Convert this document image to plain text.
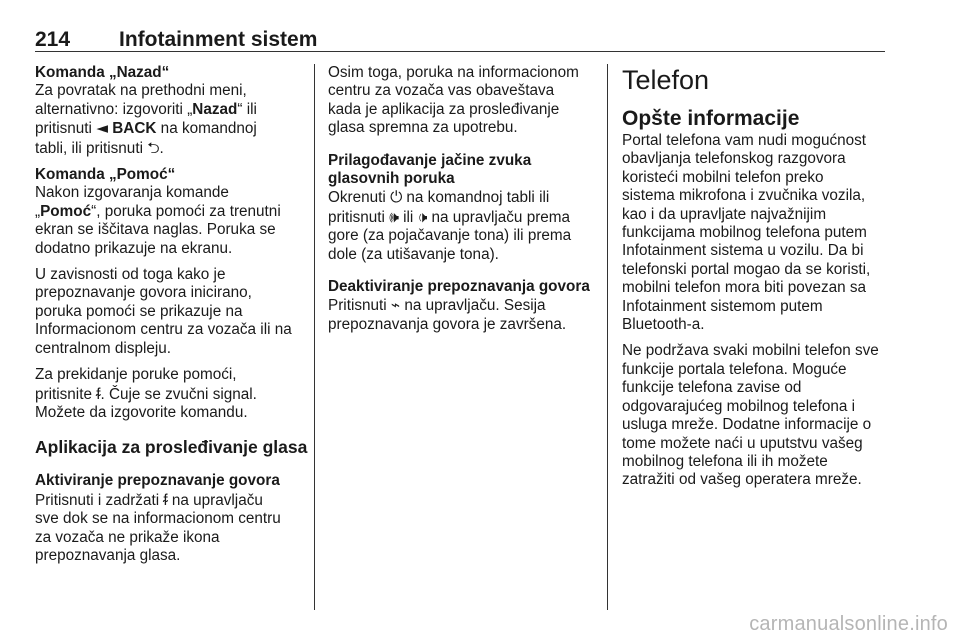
214 Infotainment sistem
Komanda „Nazad“
Za povratak na prethodni meni,
alternativno: izgovoriti „Nazad“ ili
pritisnuti ◄ BACK na komandnoj
tabli, ili pritisnuti ⮌.
Komanda „Pomoć“
Nakon izgovaranja komande
„Pomoć“, poruka pomoći za trenutni
ekran se iščitava naglas. Poruka se
dodatno prikazuje na ekranu.
U zavisnosti od toga kako je
prepoznavanje govora inicirano,
poruka pomoći se prikazuje na
Informacionom centru za vozača ili na
centralnom displeju.
Za prekidanje poruke pomoći,
pritisnite ᵮ. Čuje se zvučni signal.
Možete da izgovorite komandu.
Aplikacija za prosleđivanje glasa
Aktiviranje prepoznavanje govora
Pritisnuti i zadržati ᵮ na upravljaču
sve dok se na informacionom centru
za vozača ne prikaže ikona
prepoznavanja glasa.
Osim toga, poruka na informacionom
centru za vozača vas obaveštava
kada je aplikacija za prosleđivanje
glasa spremna za upotrebu.
Prilagođavanje jačine zvuka
glasovnih poruka
Okrenuti ⏻ na komandnoj tabli ili
pritisnuti 🕪 ili 🕩 na upravljaču prema
gore (za pojačavanje tona) ili prema
dole (za utišavanje tona).
Deaktiviranje prepoznavanja govora
Pritisnuti ⌁ na upravljaču. Sesija
prepoznavanja govora je završena.
Telefon
Opšte informacije
Portal telefona vam nudi mogućnost
obavljanja telefonskog razgovora
koristeći mobilni telefon preko
sistema mikrofona i zvučnika vozila,
kao i da upravljate najvažnijim
funkcijama mobilnog telefona putem
Infotainment sistema u vozilu. Da bi
telefonski portal mogao da se koristi,
mobilni telefon mora biti povezan sa
Infotainment sistemom putem
Bluetooth-a.
Ne podržava svaki mobilni telefon sve
funkcije portala telefona. Moguće
funkcije telefona zavise od
odgovarajućeg mobilnog telefona i
usluga mreže. Dodatne informacije o
tome možete naći u uputstvu vašeg
mobilnog telefona ili ih možete
zatražiti od vašeg operatera mreže.
carmanualsonline.info
